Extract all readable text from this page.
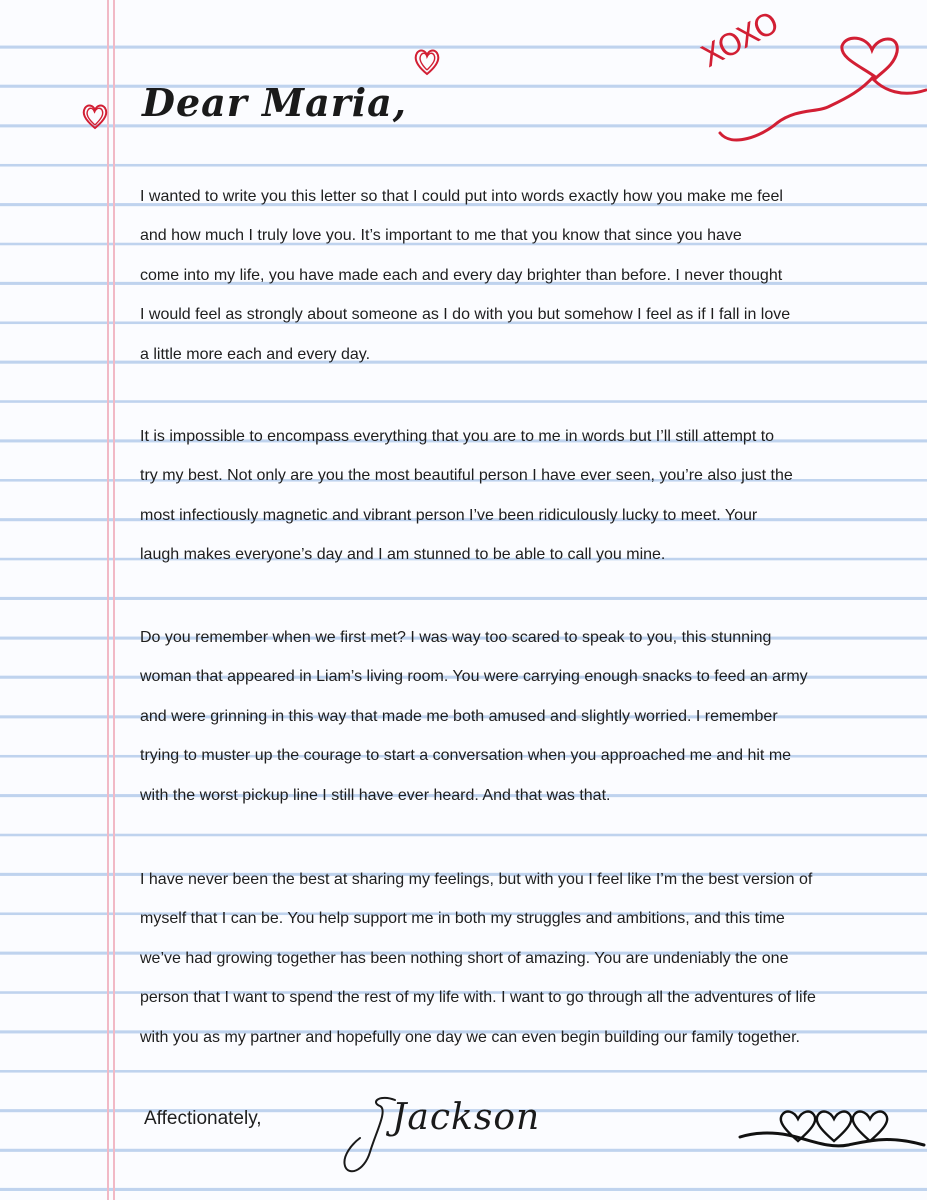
XOXO
Dear Maria,
I wanted to write you this letter so that I could put into words exactly how you make me feel
and how much I truly love you. It’s important to me that you know that since you have
come into my life, you have made each and every day brighter than before. I never thought
I would feel as strongly about someone as I do with you but somehow I feel as if I fall in love
a little more each and every day.
It is impossible to encompass everything that you are to me in words but I’ll still attempt to
try my best. Not only are you the most beautiful person I have ever seen, you’re also just the
most infectiously magnetic and vibrant person I’ve been ridiculously lucky to meet. Your
laugh makes everyone’s day and I am stunned to be able to call you mine.
Do you remember when we first met? I was way too scared to speak to you, this stunning
woman that appeared in Liam’s living room. You were carrying enough snacks to feed an army
and were grinning in this way that made me both amused and slightly worried. I remember
trying to muster up the courage to start a conversation when you approached me and hit me
with the worst pickup line I still have ever heard. And that was that.
I have never been the best at sharing my feelings, but with you I feel like I’m the best version of
myself that I can be. You help support me in both my struggles and ambitions, and this time
we’ve had growing together has been nothing short of amazing. You are undeniably the one
person that I want to spend the rest of my life with. I want to go through all the adventures of life
with you as my partner and hopefully one day we can even begin building our family together.
Affectionately,	Jackson
